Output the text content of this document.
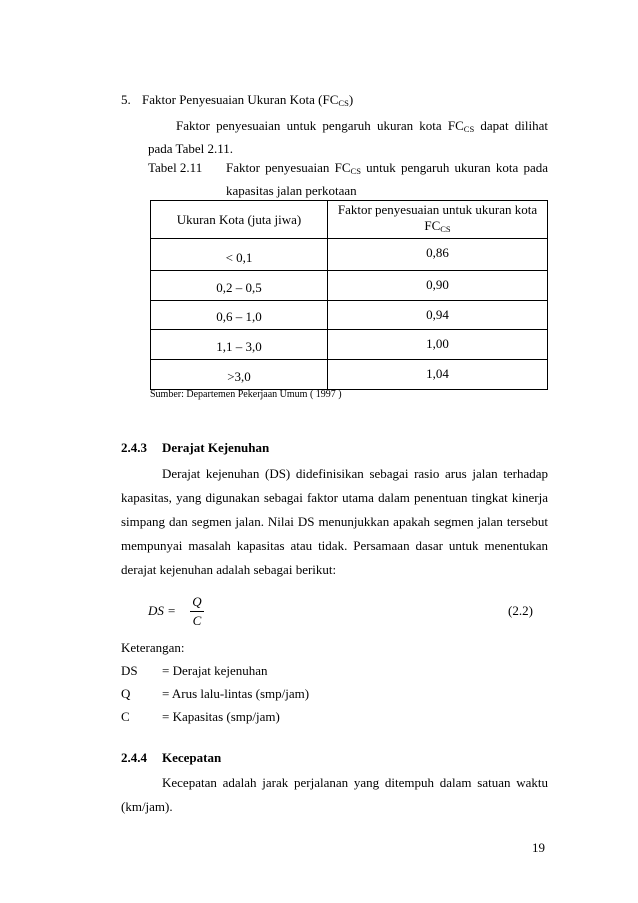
5. Faktor Penyesuaian Ukuran Kota $(FC_{CS})$
Faktor penyesuaian untuk pengaruh ukuran kota $FC_{CS}$ dapat dilihat
pada Tabel 2.11.
Tabel 2.11 Faktor penyesuaian $FC_{CS}$ untuk pengaruh ukuran kota pada
kapasitas jalan perkotaan
Ukuran Kota (juta jiwa)	Faktor penyesuaian untuk ukuran kota
$FC_{CS}$
< 0,1	0,86
0,2 – 0,5	0,90
0,6 – 1,0	0,94
1,1 – 3,0	1,00
>3,0	1,04
Sumber: Departemen Pekerjaan Umum ( 1997 )
2.4.3 Derajat Kejenuhan
Derajat kejenuhan (DS) didefinisikan sebagai rasio arus jalan terhadap
kapasitas, yang digunakan sebagai faktor utama dalam penentuan tingkat kinerja
simpang dan segmen jalan. Nilai DS menunjukkan apakah segmen jalan tersebut
mempunyai masalah kapasitas atau tidak. Persamaan dasar untuk menentukan
derajat kejenuhan adalah sebagai berikut:
DS =
Q
C
(2.2)
Keterangan:
DS = Derajat kejenuhan
Q = Arus lalu-lintas (smp/jam)
C = Kapasitas (smp/jam)
2.4.4 Kecepatan
Kecepatan adalah jarak perjalanan yang ditempuh dalam satuan waktu
(km/jam).
19
